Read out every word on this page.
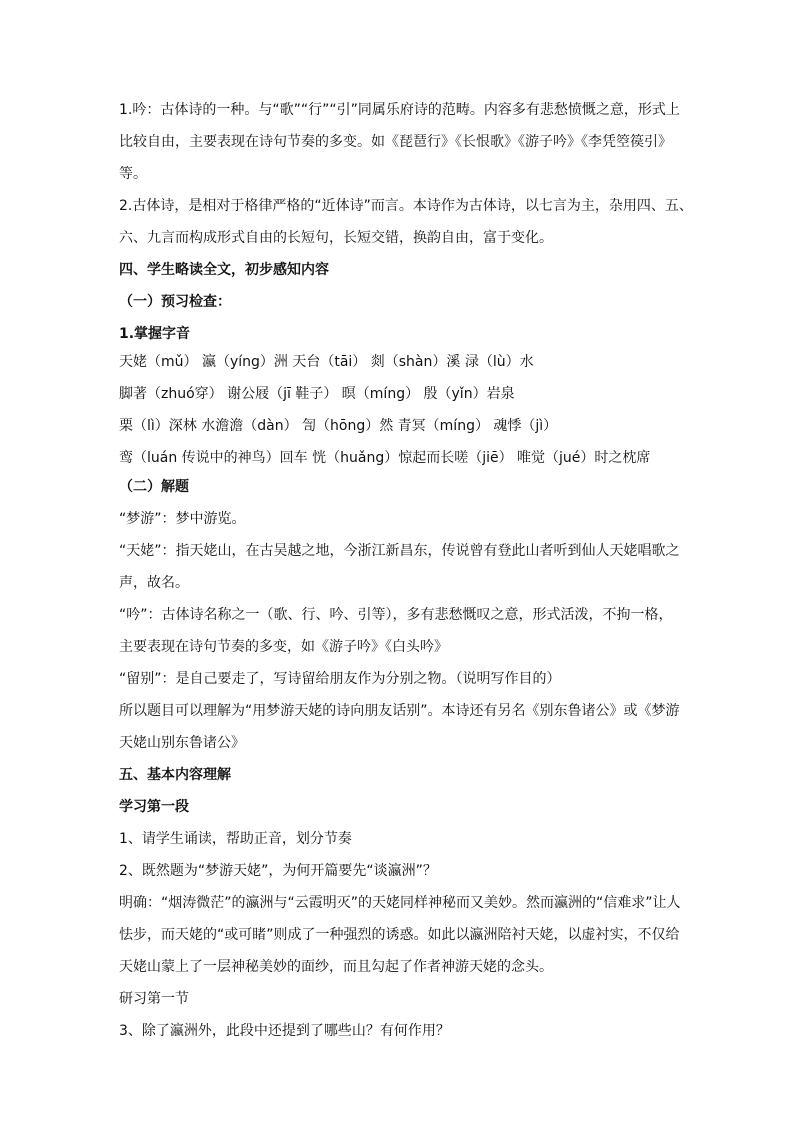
1.吟：古体诗的一种。与“歌”“行”“引”同属乐府诗的范畴。内容多有悲愁愤慨之意，形式上
比较自由，主要表现在诗句节奏的多变。如《琵琶行》《长恨歌》《游子吟》《李凭箜篌引》
等。
2.古体诗，是相对于格律严格的“近体诗”而言。本诗作为古体诗，以七言为主，杂用四、五、
六、九言而构成形式自由的长短句，长短交错，换韵自由，富于变化。
四、学生略读全文，初步感知内容
（一）预习检查：
1.掌握字音
天姥（mǔ） 瀛（yíng）洲 天台（tāi） 剡（shàn）溪 渌（lù）水
脚著（zhuó穿） 谢公屐（jī 鞋子） 暝（míng） 殷（yǐn）岩泉
栗（lì）深林 水澹澹（dàn） 訇（hōng）然 青冥（míng） 魂悸（jì）
鸾（luán 传说中的神鸟）回车 恍（huǎng）惊起而长嗟（jiē） 唯觉（jué）时之枕席
（二）解题
“梦游”：梦中游览。
“天姥”：指天姥山，在古吴越之地，今浙江新昌东，传说曾有登此山者听到仙人天姥唱歌之
声，故名。
“吟”：古体诗名称之一（歌、行、吟、引等），多有悲愁慨叹之意，形式活泼，不拘一格，
主要表现在诗句节奏的多变，如《游子吟》《白头吟》
“留别”：是自己要走了，写诗留给朋友作为分别之物。（说明写作目的）
所以题目可以理解为“用梦游天姥的诗向朋友话别”。本诗还有另名《别东鲁诸公》或《梦游
天姥山别东鲁诸公》
五、基本内容理解
学习第一段
1、请学生诵读，帮助正音，划分节奏
2、既然题为“梦游天姥”，为何开篇要先“谈瀛洲”？
明确：“烟涛微茫”的瀛洲与“云霞明灭”的天姥同样神秘而又美妙。然而瀛洲的“信难求”让人
怯步，而天姥的“或可睹”则成了一种强烈的诱惑。如此以瀛洲陪衬天姥，以虚衬实，不仅给
天姥山蒙上了一层神秘美妙的面纱，而且勾起了作者神游天姥的念头。
研习第一节
3、除了瀛洲外，此段中还提到了哪些山？有何作用？
